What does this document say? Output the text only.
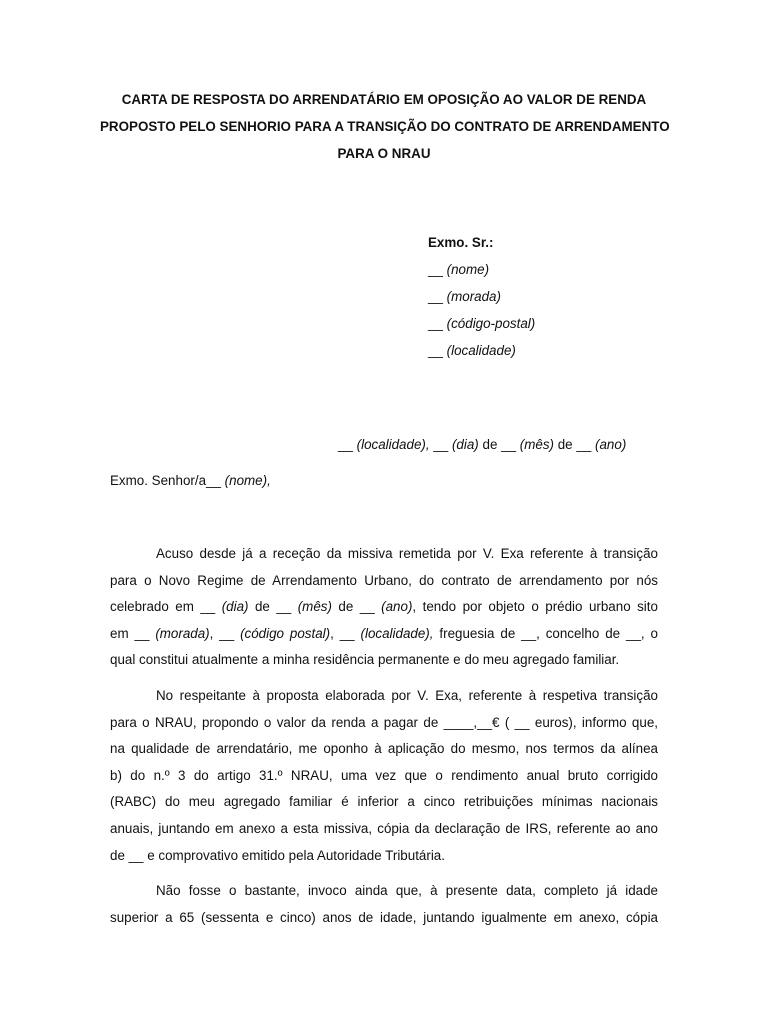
CARTA DE RESPOSTA DO ARRENDATÁRIO EM OPOSIÇÃO AO VALOR DE RENDA
PROPOSTO PELO SENHORIO PARA A TRANSIÇÃO DO CONTRATO DE ARRENDAMENTO
PARA O NRAU
Exmo. Sr.:
__ (nome)
__ (morada)
__ (código-postal)
__ (localidade)
__ (localidade), __ (dia) de __ (mês) de __ (ano)
Exmo. Senhor/a__ (nome),
Acuso desde já a receção da missiva remetida por V. Exa referente à transição
para o Novo Regime de Arrendamento Urbano, do contrato de arrendamento por nós
celebrado em __ (dia) de __ (mês) de __ (ano), tendo por objeto o prédio urbano sito
em __ (morada), __ (código postal), __ (localidade), freguesia de __, concelho de __, o
qual constitui atualmente a minha residência permanente e do meu agregado familiar.
No respeitante à proposta elaborada por V. Exa, referente à respetiva transição
para o NRAU, propondo o valor da renda a pagar de ____,__€ ( __ euros), informo que,
na qualidade de arrendatário, me oponho à aplicação do mesmo, nos termos da alínea
b) do n.º 3 do artigo 31.º NRAU, uma vez que o rendimento anual bruto corrigido
(RABC) do meu agregado familiar é inferior a cinco retribuições mínimas nacionais
anuais, juntando em anexo a esta missiva, cópia da declaração de IRS, referente ao ano
de __ e comprovativo emitido pela Autoridade Tributária.
Não fosse o bastante, invoco ainda que, à presente data, completo já idade
superior a 65 (sessenta e cinco) anos de idade, juntando igualmente em anexo, cópia
